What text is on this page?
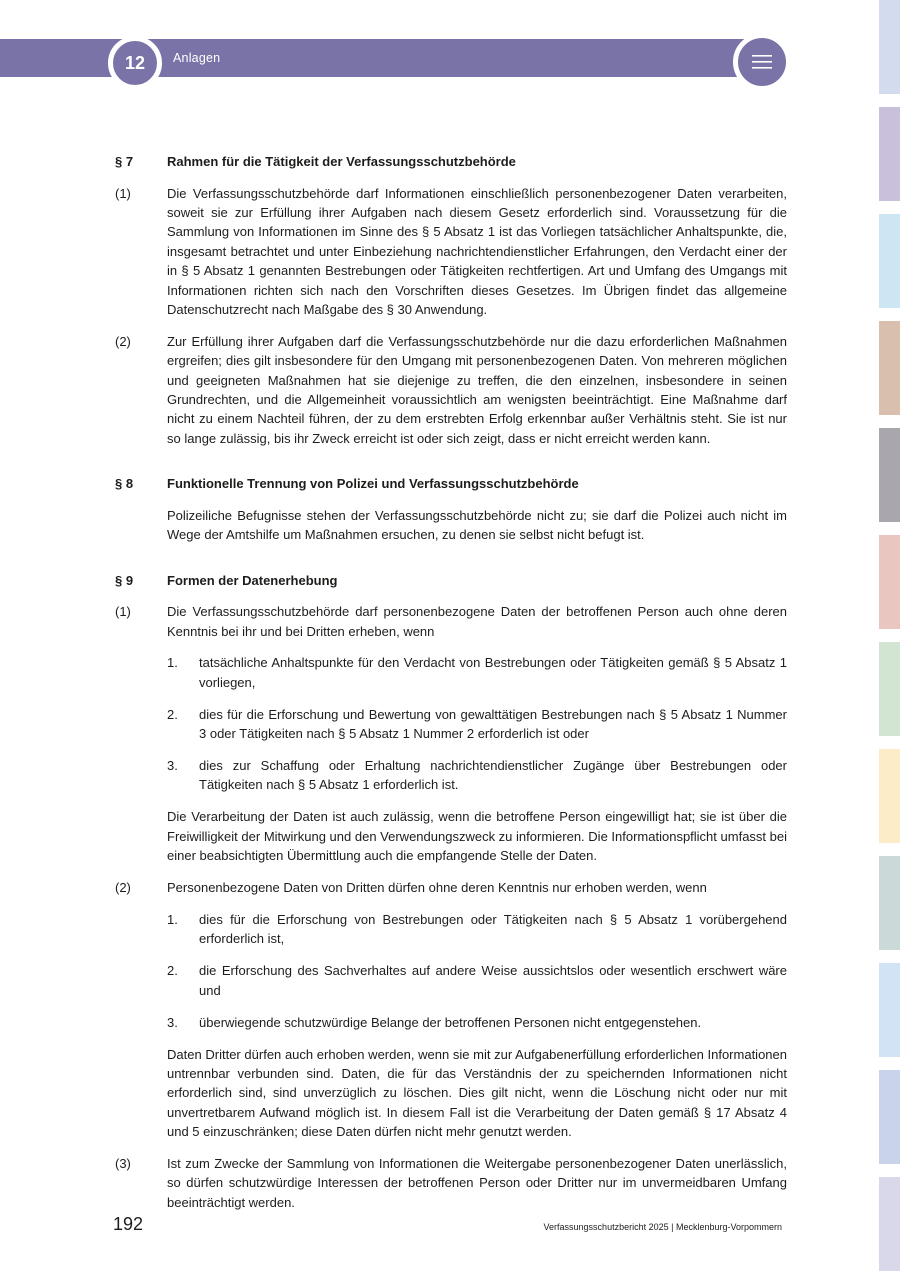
12	Anlagen
§ 7	Rahmen für die Tätigkeit der Verfassungsschutzbehörde
(1)	Die Verfassungsschutzbehörde darf Informationen einschließlich personenbezogener Daten verarbeiten, soweit sie zur Erfüllung ihrer Aufgaben nach diesem Gesetz erforderlich sind. Voraussetzung für die Sammlung von Informationen im Sinne des § 5 Absatz 1 ist das Vorliegen tatsächlicher Anhaltspunkte, die, insgesamt betrachtet und unter Einbeziehung nachrichtendienstlicher Erfahrungen, den Verdacht einer der in § 5 Absatz 1 genannten Bestrebungen oder Tätigkeiten rechtfertigen. Art und Umfang des Umgangs mit Informationen richten sich nach den Vorschriften dieses Gesetzes. Im Übrigen findet das allgemeine Datenschutzrecht nach Maßgabe des § 30 Anwendung.
(2)	Zur Erfüllung ihrer Aufgaben darf die Verfassungsschutzbehörde nur die dazu erforderlichen Maßnahmen ergreifen; dies gilt insbesondere für den Umgang mit personenbezogenen Daten. Von mehreren möglichen und geeigneten Maßnahmen hat sie diejenige zu treffen, die den einzelnen, insbesondere in seinen Grundrechten, und die Allgemeinheit voraussichtlich am wenigsten beeinträchtigt. Eine Maßnahme darf nicht zu einem Nachteil führen, der zu dem erstrebten Erfolg erkennbar außer Verhältnis steht. Sie ist nur so lange zulässig, bis ihr Zweck erreicht ist oder sich zeigt, dass er nicht erreicht werden kann.
§ 8	Funktionelle Trennung von Polizei und Verfassungsschutzbehörde
Polizeiliche Befugnisse stehen der Verfassungsschutzbehörde nicht zu; sie darf die Polizei auch nicht im Wege der Amtshilfe um Maßnahmen ersuchen, zu denen sie selbst nicht befugt ist.
§ 9	Formen der Datenerhebung
(1)	Die Verfassungsschutzbehörde darf personenbezogene Daten der betroffenen Person auch ohne deren Kenntnis bei ihr und bei Dritten erheben, wenn
1.	tatsächliche Anhaltspunkte für den Verdacht von Bestrebungen oder Tätigkeiten gemäß § 5 Absatz 1 vorliegen,
2.	dies für die Erforschung und Bewertung von gewalttätigen Bestrebungen nach § 5 Absatz 1 Nummer 3 oder Tätigkeiten nach § 5 Absatz 1 Nummer 2 erforderlich ist oder
3.	dies zur Schaffung oder Erhaltung nachrichtendienstlicher Zugänge über Bestrebungen oder Tätigkeiten nach § 5 Absatz 1 erforderlich ist.
Die Verarbeitung der Daten ist auch zulässig, wenn die betroffene Person eingewilligt hat; sie ist über die Freiwilligkeit der Mitwirkung und den Verwendungszweck zu informieren. Die Informationspflicht umfasst bei einer beabsichtigten Übermittlung auch die empfangende Stelle der Daten.
(2)	Personenbezogene Daten von Dritten dürfen ohne deren Kenntnis nur erhoben werden, wenn
1.	dies für die Erforschung von Bestrebungen oder Tätigkeiten nach § 5 Absatz 1 vorübergehend erforderlich ist,
2.	die Erforschung des Sachverhaltes auf andere Weise aussichtslos oder wesentlich erschwert wäre und
3.	überwiegende schutzwürdige Belange der betroffenen Personen nicht entgegenstehen.
Daten Dritter dürfen auch erhoben werden, wenn sie mit zur Aufgabenerfüllung erforderlichen Informationen untrennbar verbunden sind. Daten, die für das Verständnis der zu speichernden Informationen nicht erforderlich sind, sind unverzüglich zu löschen. Dies gilt nicht, wenn die Löschung nicht oder nur mit unvertretbarem Aufwand möglich ist. In diesem Fall ist die Verarbeitung der Daten gemäß § 17 Absatz 4 und 5 einzuschränken; diese Daten dürfen nicht mehr genutzt werden.
(3)	Ist zum Zwecke der Sammlung von Informationen die Weitergabe personenbezogener Daten unerlässlich, so dürfen schutzwürdige Interessen der betroffenen Person oder Dritter nur im unvermeidbaren Umfang beeinträchtigt werden.
192	Verfassungsschutzbericht 2025 | Mecklenburg-Vorpommern
